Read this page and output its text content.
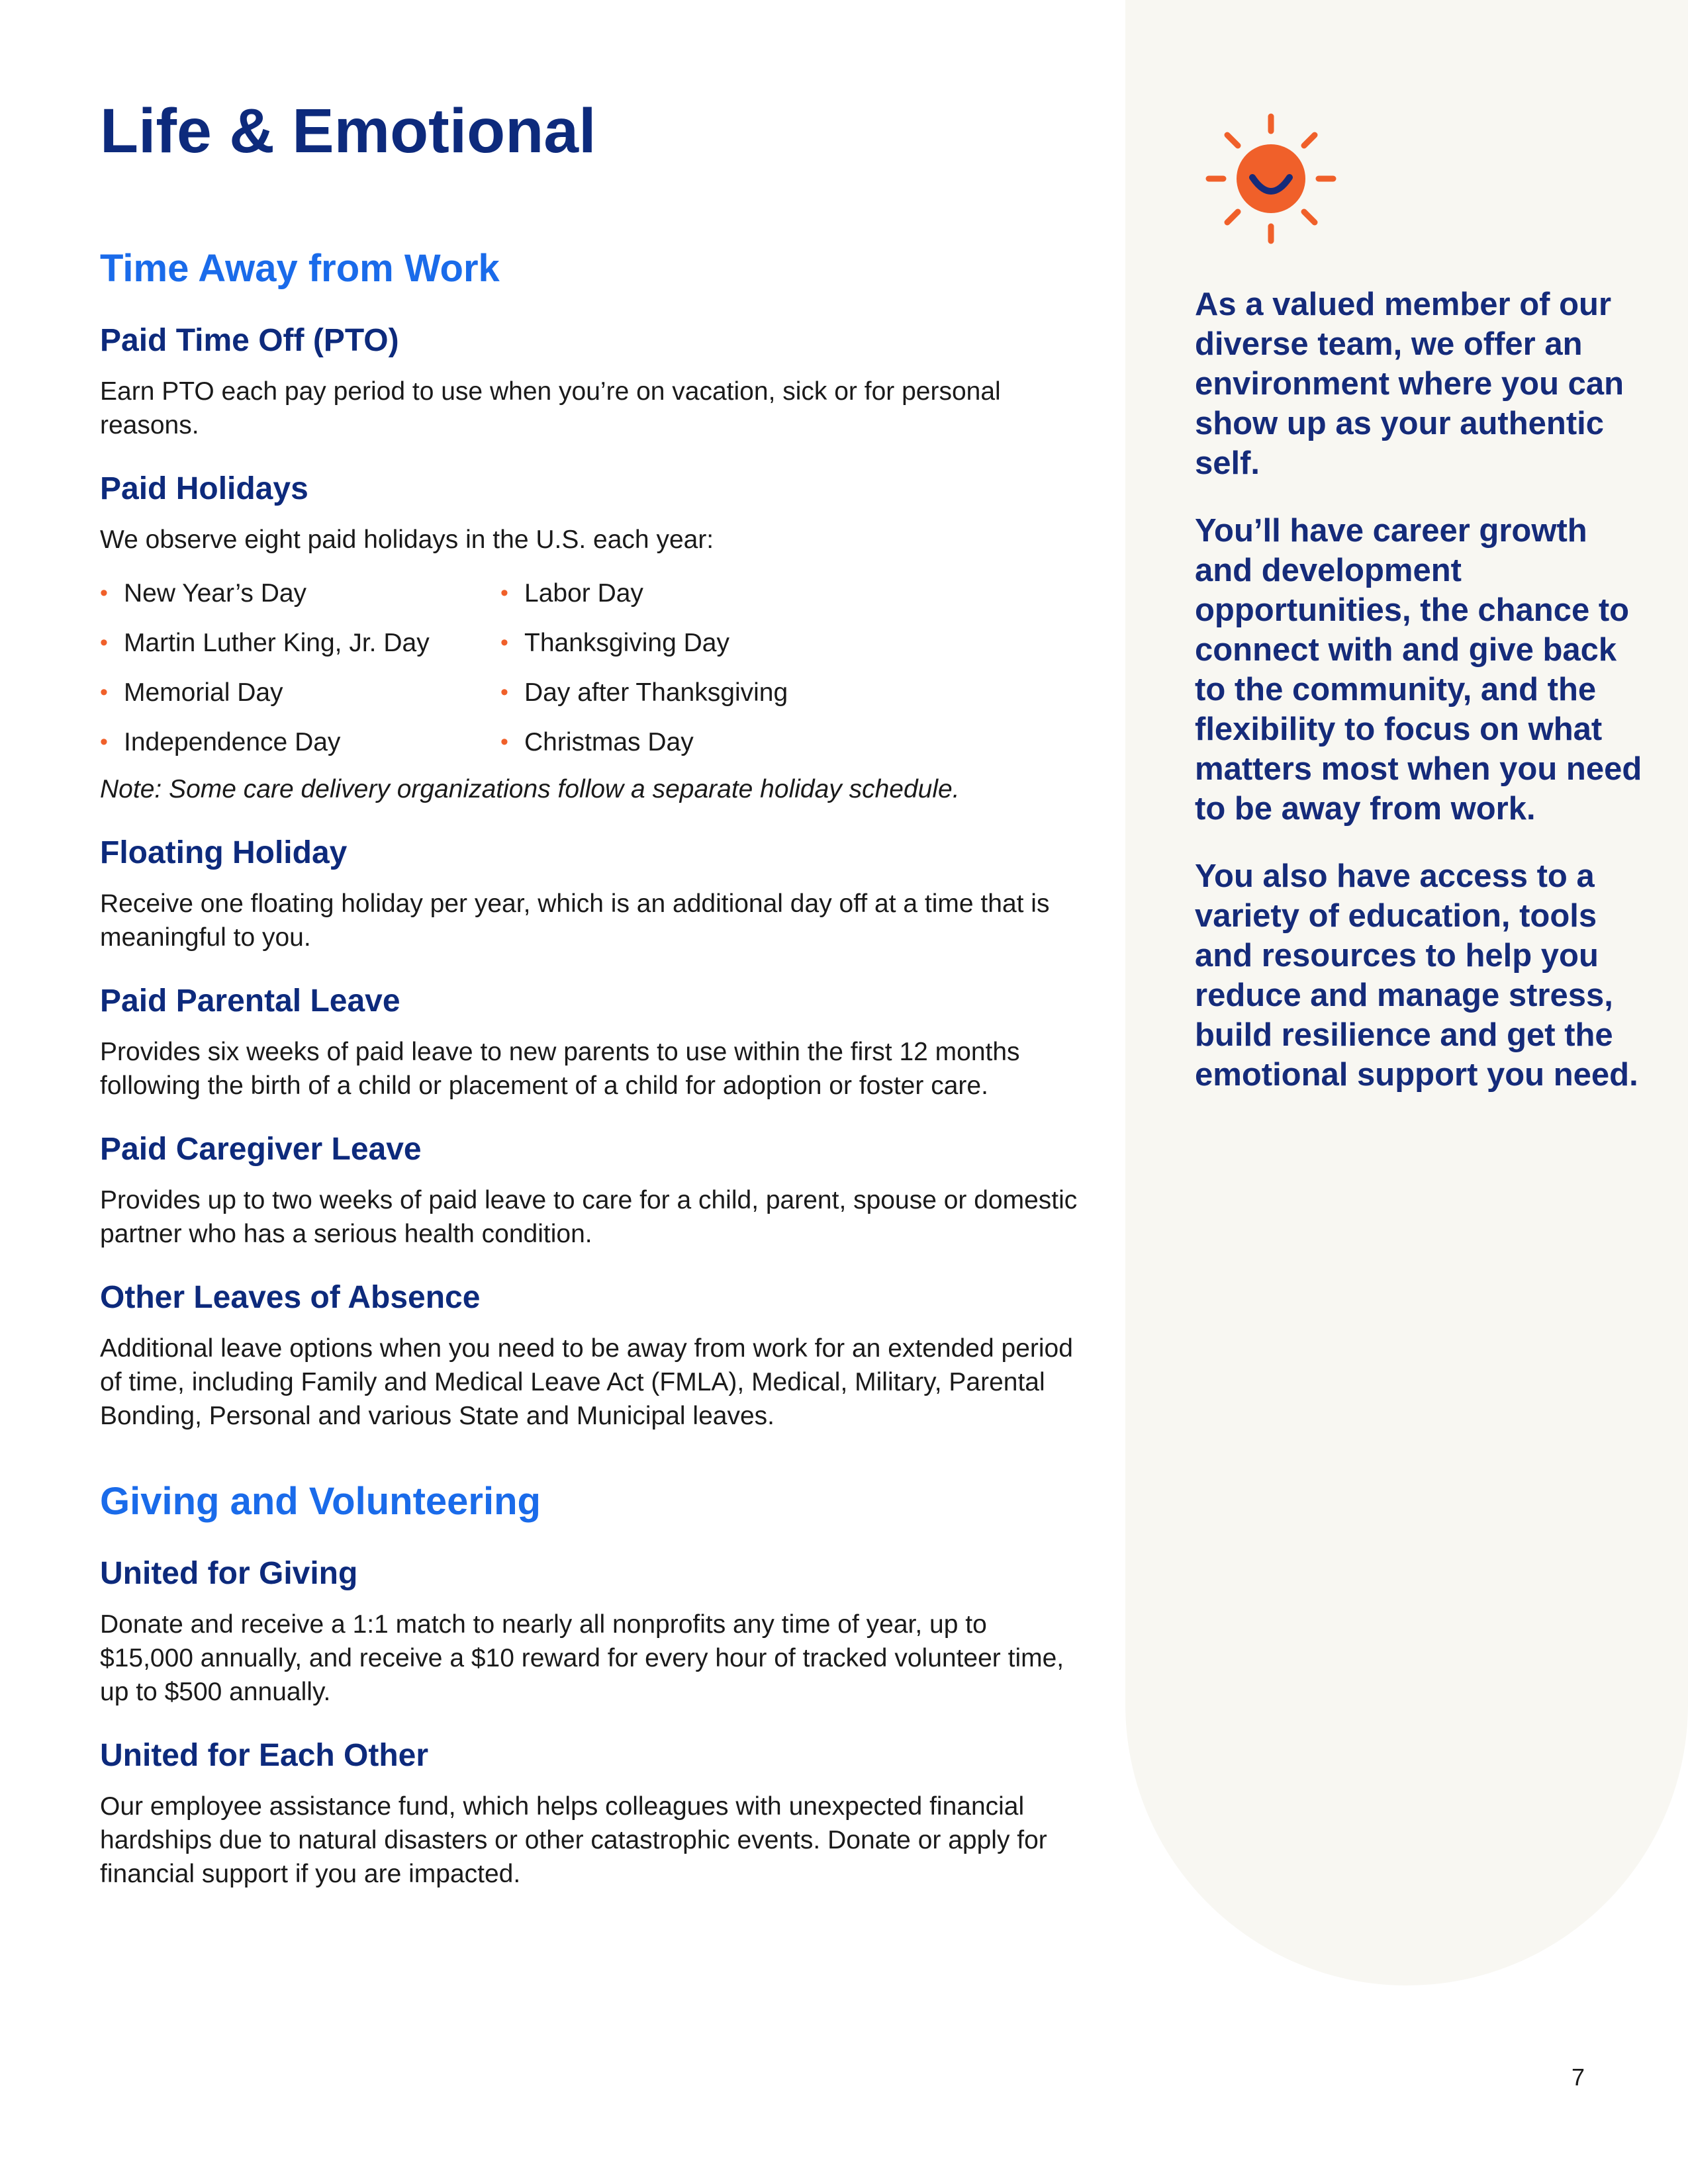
As a valued member of our diverse team, we offer an environment where you can show up as your authentic self.

You’ll have career growth and development opportunities, the chance to connect with and give back to the community, and the flexibility to focus on what matters most when you need to be away from work.

You also have access to a variety of education, tools and resources to help you reduce and manage stress, build resilience and get the emotional support you need.

Life & Emotional
Time Away from Work
Paid Time Off (PTO)

Earn PTO each pay period to use when you’re on vacation, sick or for personal reasons.

Paid Holidays

We observe eight paid holidays in the U.S. each year:

• New Year’s Day	• Labor Day
• Martin Luther King, Jr. Day	• Thanksgiving Day
• Memorial Day	• Day after Thanksgiving
• Independence Day	• Christmas Day

Note: Some care delivery organizations follow a separate holiday schedule.

Floating Holiday

Receive one floating holiday per year, which is an additional day off at a time that is meaningful to you.

Paid Parental Leave

Provides six weeks of paid leave to new parents to use within the first 12 months following the birth of a child or placement of a child for adoption or foster care.

Paid Caregiver Leave

Provides up to two weeks of paid leave to care for a child, parent, spouse or domestic partner who has a serious health condition.

Other Leaves of Absence

Additional leave options when you need to be away from work for an extended period of time, including Family and Medical Leave Act (FMLA), Medical, Military, Parental Bonding, Personal and various State and Municipal leaves.

Giving and Volunteering
United for Giving

Donate and receive a 1:1 match to nearly all nonprofits any time of year, up to $15,000 annually, and receive a $10 reward for every hour of tracked volunteer time, up to $500 annually.

United for Each Other

Our employee assistance fund, which helps colleagues with unexpected financial hardships due to natural disasters or other catastrophic events. Donate or apply for financial support if you are impacted.

7
